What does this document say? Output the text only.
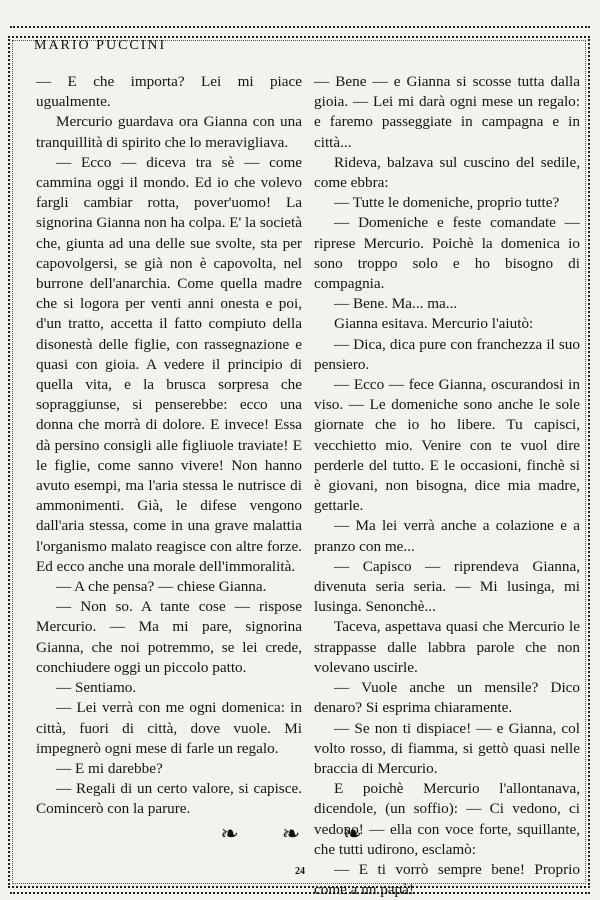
MARIO PUCCINI

— E che importa? Lei mi piace ugualmente.

Mercurio guardava ora Gianna con una tranquillità di spirito che lo meravigliava.

— Ecco — diceva tra sè — come cammina oggi il mondo. Ed io che volevo fargli cambiar rotta, pover'uomo! La signorina Gianna non ha colpa. E' la società che, giunta ad una delle sue svolte, sta per capovolgersi, se già non è capovolta, nel burrone dell'anarchia. Come quella madre che si logora per venti anni onesta e poi, d'un tratto, accetta il fatto compiuto della disonestà delle figlie, con rassegnazione e quasi con gioia. A vedere il principio di quella vita, e la brusca sorpresa che sopraggiunse, si penserebbe: ecco una donna che morrà di dolore. E invece! Essa dà persino consigli alle figliuole traviate! E le figlie, come sanno vivere! Non hanno avuto esempi, ma l'aria stessa le nutrisce di ammonimenti. Già, le difese vengono dall'aria stessa, come in una grave malattia l'organismo malato reagisce con altre forze. Ed ecco anche una morale dell'immoralità.

— A che pensa? — chiese Gianna.

— Non so. A tante cose — rispose Mercurio. — Ma mi pare, signorina Gianna, che noi potremmo, se lei crede, conchiudere oggi un piccolo patto.

— Sentiamo.

— Lei verrà con me ogni domenica: in città, fuori di città, dove vuole. Mi impegnerò ogni mese di farle un regalo.

— E mi darebbe?

— Regali di un certo valore, si capisce. Comincerò con la parure.

— Bene — e Gianna si scosse tutta dalla gioia. — Lei mi darà ogni mese un regalo: e faremo passeggiate in campagna e in città...

Rideva, balzava sul cuscino del sedile, come ebbra:

— Tutte le domeniche, proprio tutte?

— Domeniche e feste comandate — riprese Mercurio. Poichè la domenica io sono troppo solo e ho bisogno di compagnia.

— Bene. Ma... ma...

Gianna esitava. Mercurio l'aiutò:

— Dica, dica pure con franchezza il suo pensiero.

— Ecco — fece Gianna, oscurandosi in viso. — Le domeniche sono anche le sole giornate che io ho libere. Tu capisci, vecchietto mio. Venire con te vuol dire perderle del tutto. E le occasioni, finchè si è giovani, non bisogna, dice mia madre, gettarle.

— Ma lei verrà anche a colazione e a pranzo con me...

— Capisco — riprendeva Gianna, divenuta seria seria. — Mi lusinga, mi lusinga. Senonchè...

Taceva, aspettava quasi che Mercurio le strappasse dalle labbra parole che non volevano uscirle.

— Vuole anche un mensile? Dico denaro? Si esprima chiaramente.

— Se non ti dispiace! — e Gianna, col volto rosso, di fiamma, si gettò quasi nelle braccia di Mercurio.

E poichè Mercurio l'allontanava, dicendole, (un soffio): — Ci vedono, ci vedono! — ella con voce forte, squillante, che tutti udirono, esclamò:

— E ti vorrò sempre bene! Proprio come a un papà!

❧ ❧ ❧
24
